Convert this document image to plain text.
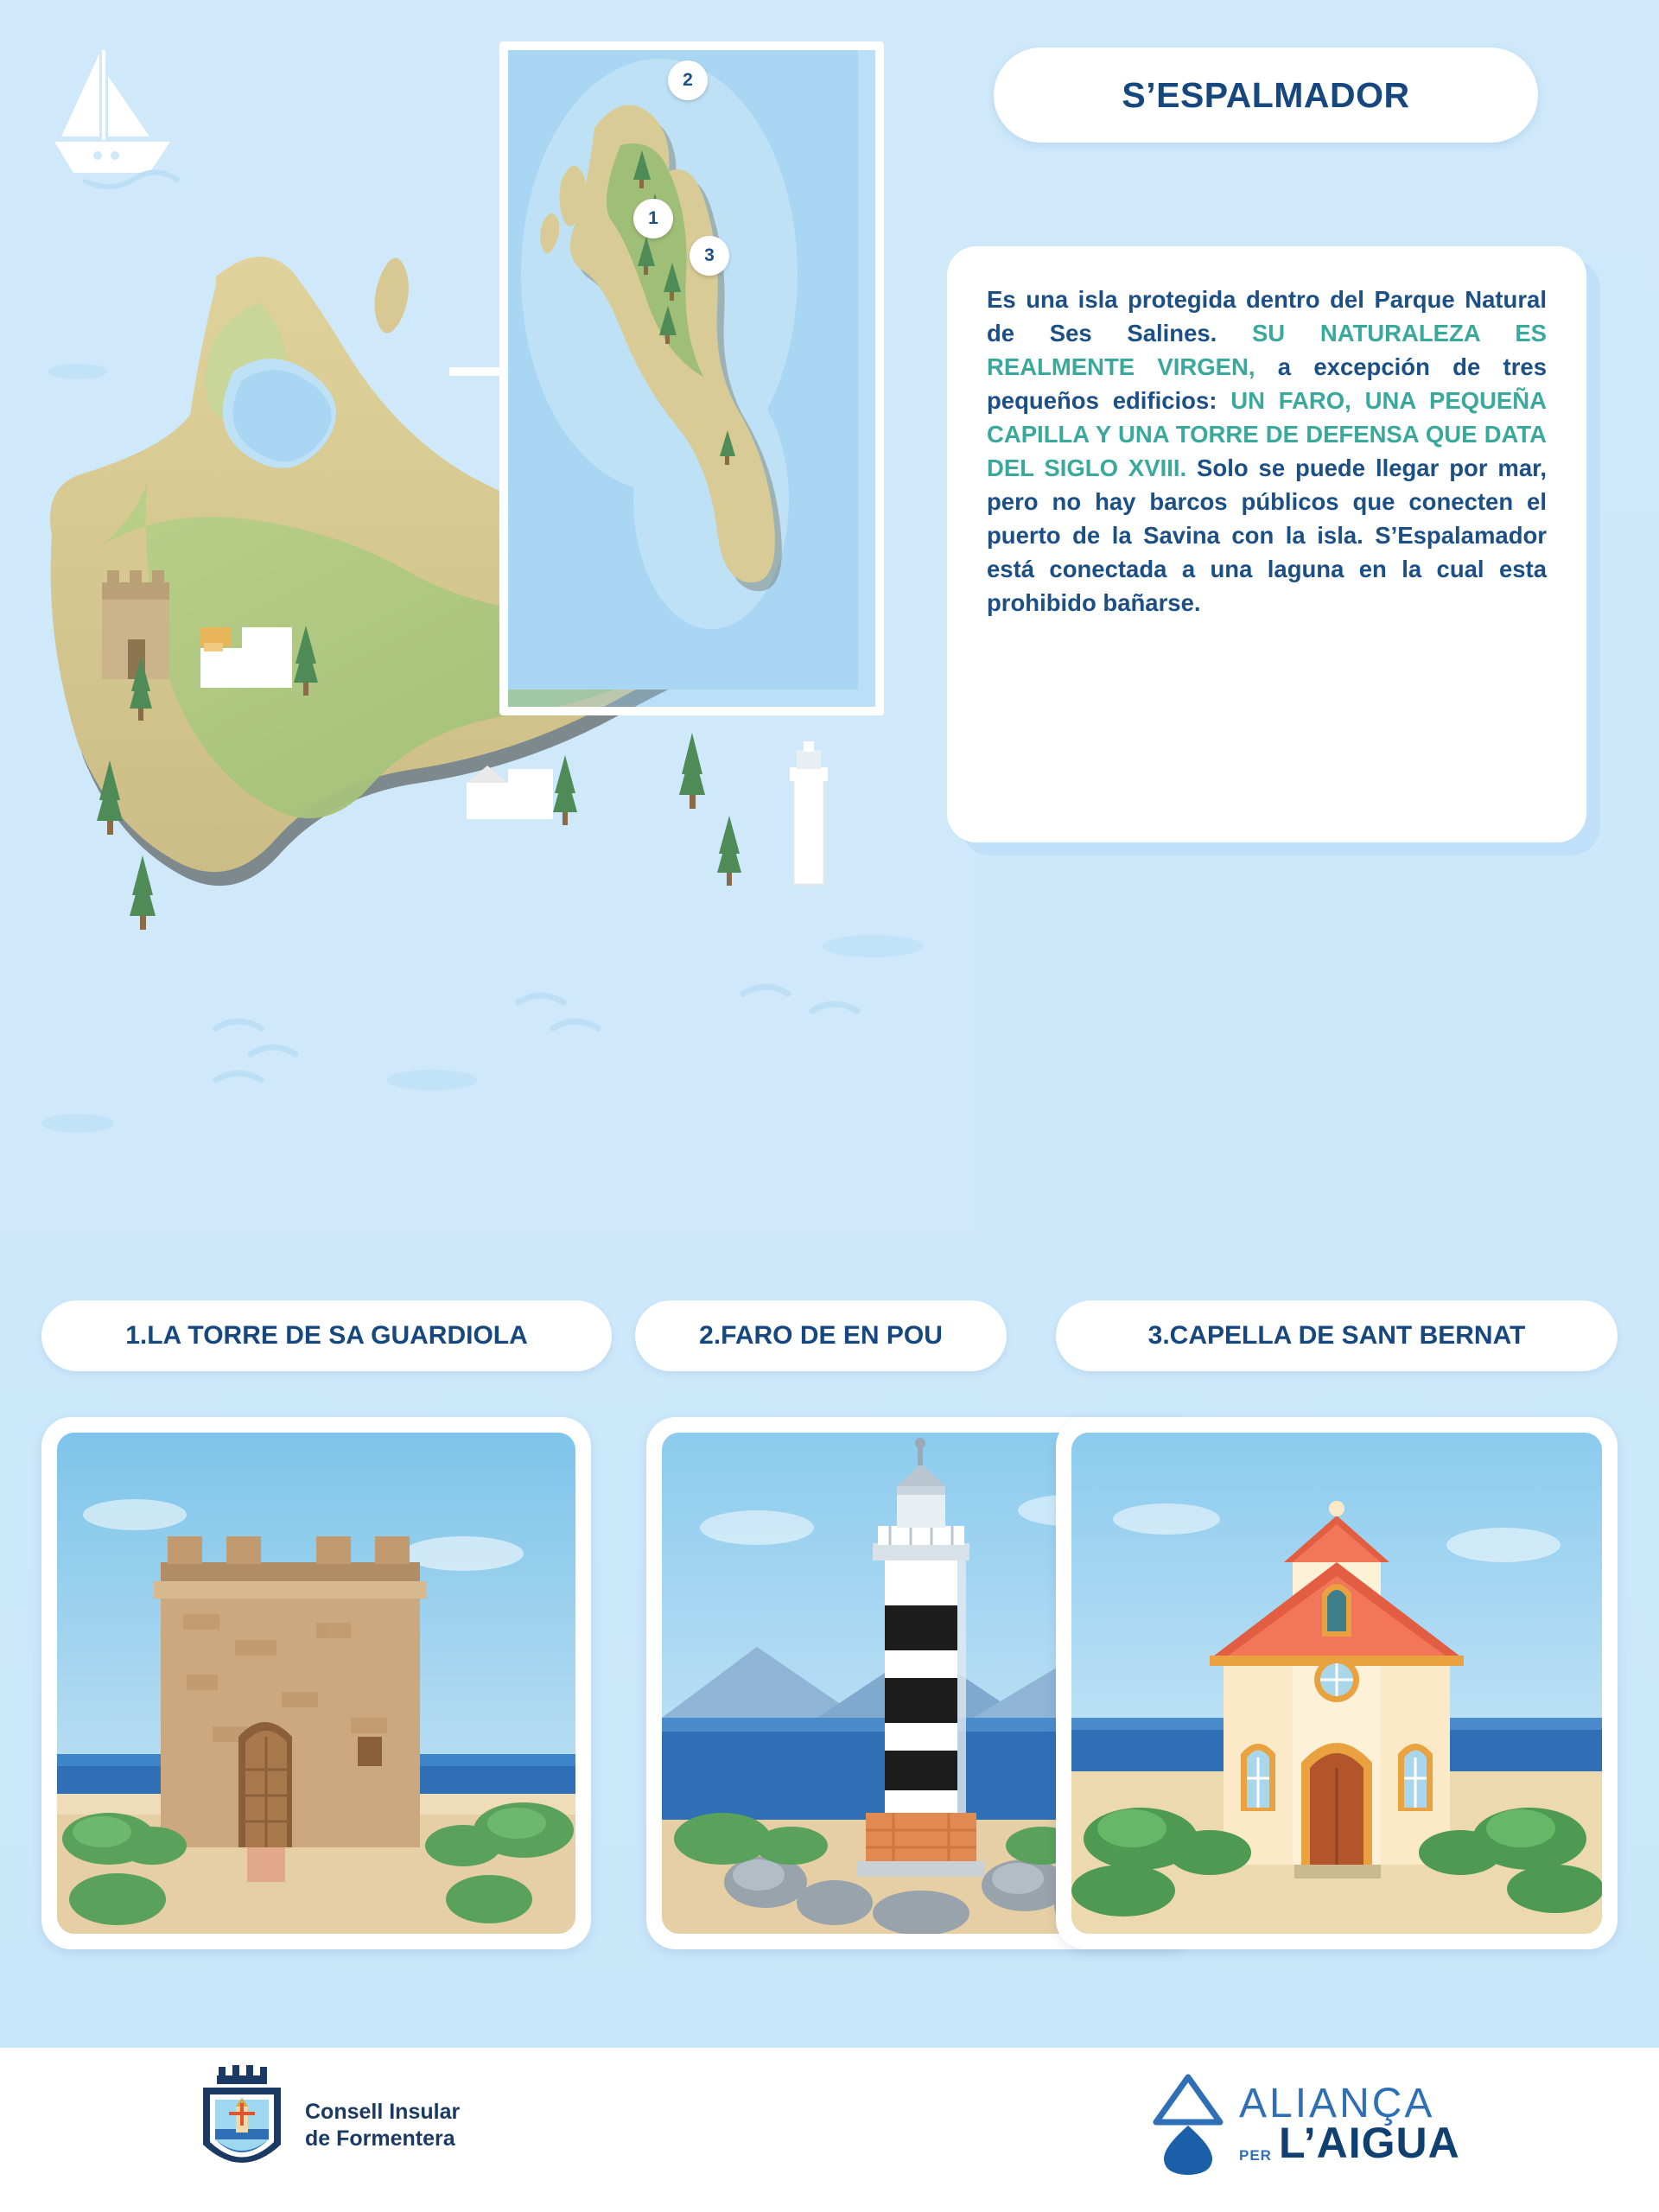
2
1
3
S’ESPALMADOR

Es una isla protegida dentro del Parque Natural de Ses Salines. SU NATURALEZA ES REALMENTE VIRGEN, a excepción de tres pequeños edificios: UN FARO, UNA PEQUEÑA CAPILLA Y UNA TORRE DE DEFENSA QUE DATA DEL SIGLO XVIII. Solo se puede llegar por mar, pero no hay barcos públicos que conecten el puerto de la Savina con la isla. S’Espalamador está conectada a una laguna en la cual esta prohibido bañarse.

1.LA TORRE DE SA GUARDIOLA	2.FARO DE EN POU	3.CAPELLA DE SANT BERNAT
Consell Insular
de Formentera
ALIANÇA
PER L’AIGUA
